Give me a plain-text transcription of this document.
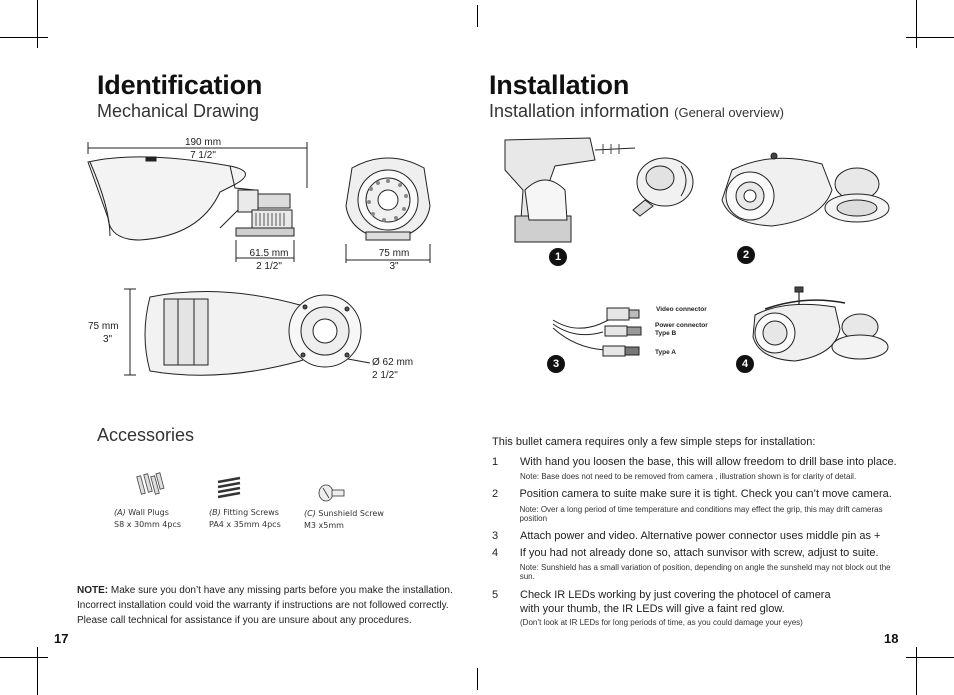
Identification
Mechanical Drawing
190 mm
7 1/2"
61.5 mm
2 1/2"
75 mm
3"
75 mm
3"
Ø 62 mm
2 1/2"
Accessories
(A) Wall Plugs
S8 x 30mm 4pcs
(B) Fitting Screws
PA4 x 35mm 4pcs
(C) Sunshield Screw
M3 x5mm
NOTE: Make sure you don’t have any missing parts before you make the installation.
Incorrect installation could void the warranty if instructions are not followed correctly.
Please call technical for assistance if you are unsure about any procedures.
17
Installation
Installation information (General overview)
1	2
3	4
Video connector
Power connector
Type B
Type A
This bullet camera requires only a few simple steps for installation:
1	With hand you loosen the base, this will allow freedom to drill base into place.
Note: Base does not need to be removed from camera , illustration shown is for clarity of detail.
2	Position camera to suite make sure it is tight. Check you can’t move camera.
Note: Over a long period of time temperature and conditions may effect the grip, this may drift cameras position
3	Attach power and video. Alternative power connector uses middle pin as +
4	If you had not already done so, attach sunvisor with screw, adjust to suite.
Note: Sunshield has a small variation of position, depending on angle the sunsheld may not block out the sun.
5	Check IR LEDs working by just covering the photocel of camera
with your thumb, the IR LEDs will give a faint red glow.
(Don’t look at IR LEDs for long periods of time, as you could damage your eyes)
18
